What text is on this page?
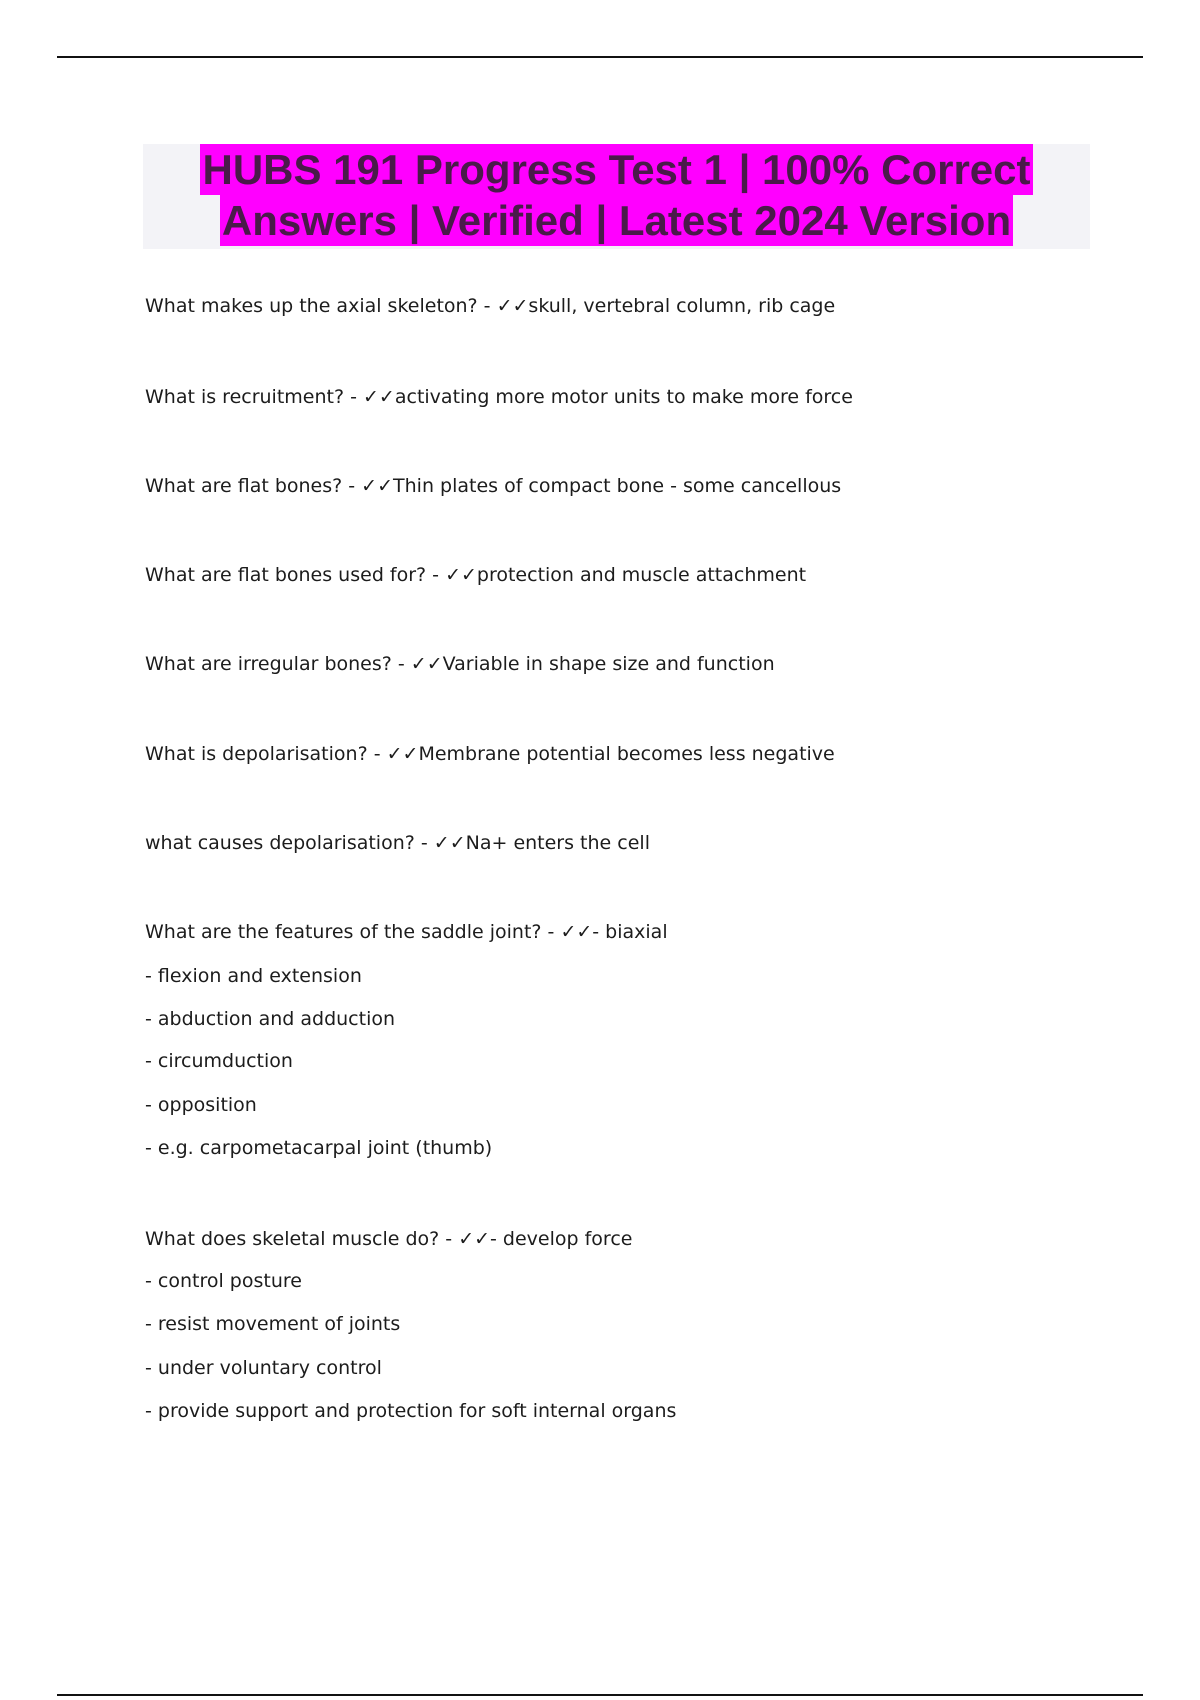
HUBS 191 Progress Test 1 | 100% Correct
Answers | Verified | Latest 2024 Version

What makes up the axial skeleton? - ✓✓skull, vertebral column, rib cage

What is recruitment? - ✓✓activating more motor units to make more force

What are flat bones? - ✓✓Thin plates of compact bone - some cancellous

What are flat bones used for? - ✓✓protection and muscle attachment

What are irregular bones? - ✓✓Variable in shape size and function

What is depolarisation? - ✓✓Membrane potential becomes less negative

what causes depolarisation? - ✓✓Na+ enters the cell

What are the features of the saddle joint? - ✓✓- biaxial

- flexion and extension

- abduction and adduction

- circumduction

- opposition

- e.g. carpometacarpal joint (thumb)

What does skeletal muscle do? - ✓✓- develop force

- control posture

- resist movement of joints

- under voluntary control

- provide support and protection for soft internal organs
